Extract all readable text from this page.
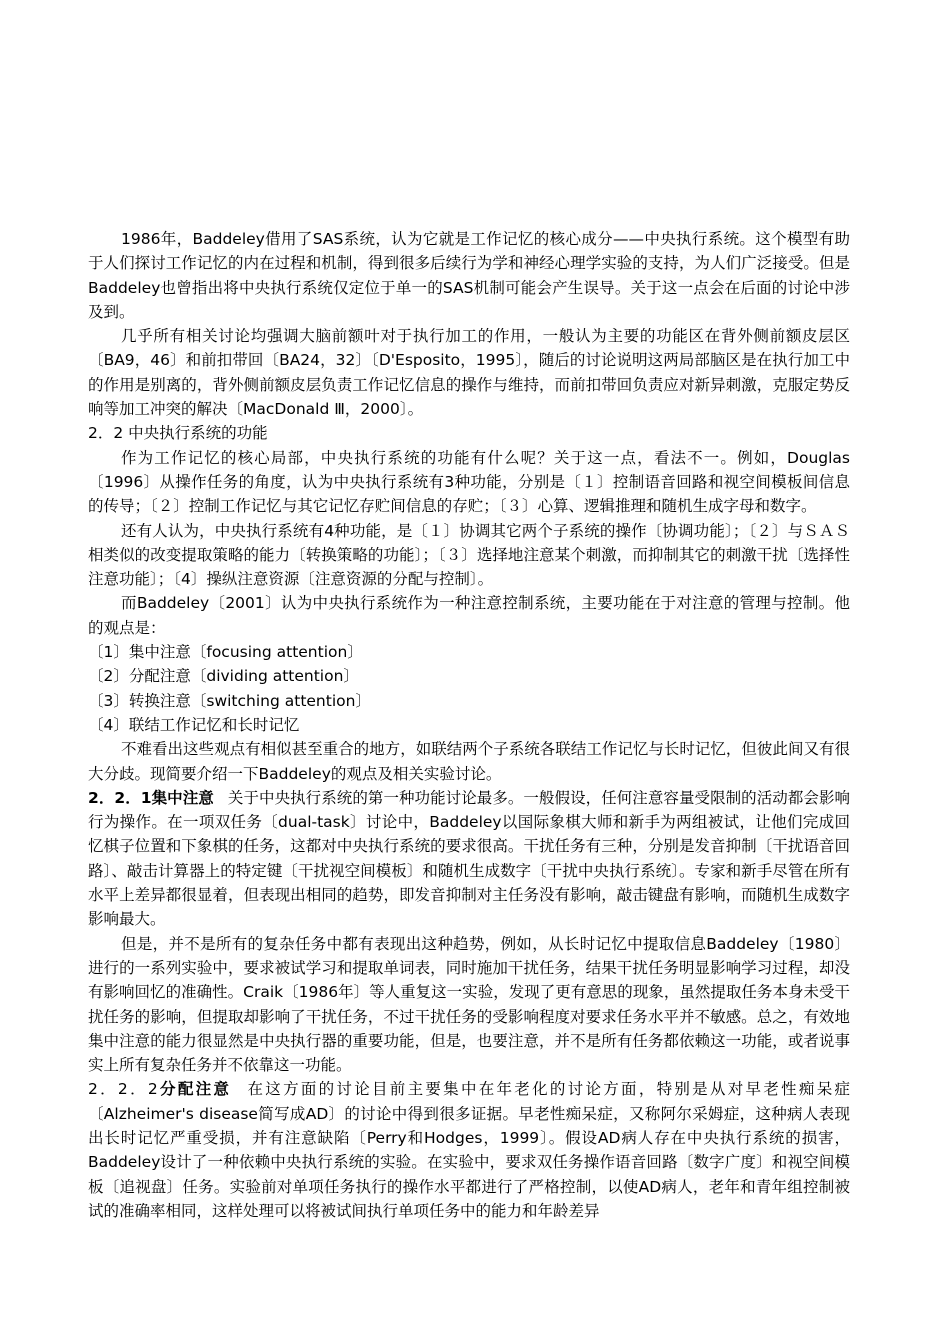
1986年，Baddeley借用了SAS系统，认为它就是工作记忆的核心成分——中央执行系统。这个模型有助于人们探讨工作记忆的内在过程和机制，得到很多后续行为学和神经心理学实验的支持，为人们广泛接受。但是Baddeley也曾指出将中央执行系统仅定位于单一的SAS机制可能会产生误导。关于这一点会在后面的讨论中涉及到。

几乎所有相关讨论均强调大脑前额叶对于执行加工的作用，一般认为主要的功能区在背外侧前额皮层区〔BA9，46〕和前扣带回〔BA24，32〕〔D'Esposito，1995〕，随后的讨论说明这两局部脑区是在执行加工中的作用是别离的，背外侧前额皮层负责工作记忆信息的操作与维持，而前扣带回负责应对新异刺激，克服定势反响等加工冲突的解决〔MacDonald Ⅲ，2000〕。

2．2 中央执行系统的功能

作为工作记忆的核心局部，中央执行系统的功能有什么呢？关于这一点，看法不一。例如，Douglas〔1996〕从操作任务的角度，认为中央执行系统有3种功能，分别是〔１〕控制语音回路和视空间模板间信息的传导；〔２〕控制工作记忆与其它记忆存贮间信息的存贮；〔３〕心算、逻辑推理和随机生成字母和数字。

还有人认为，中央执行系统有4种功能，是〔１〕协调其它两个子系统的操作〔协调功能〕；〔２〕与ＳＡＳ相类似的改变提取策略的能力〔转换策略的功能〕；〔３〕选择地注意某个刺激，而抑制其它的刺激干扰〔选择性注意功能〕；〔4〕操纵注意资源〔注意资源的分配与控制〕。

而Baddeley〔2001〕认为中央执行系统作为一种注意控制系统，主要功能在于对注意的管理与控制。他的观点是：

〔1〕集中注意〔focusing attention〕

〔2〕分配注意〔dividing attention〕

〔3〕转换注意〔switching attention〕

〔4〕联结工作记忆和长时记忆

不难看出这些观点有相似甚至重合的地方，如联结两个子系统各联结工作记忆与长时记忆，但彼此间又有很大分歧。现简要介绍一下Baddeley的观点及相关实验讨论。

2．2．1集中注意 关于中央执行系统的第一种功能讨论最多。一般假设，任何注意容量受限制的活动都会影响行为操作。在一项双任务〔dual-task〕讨论中，Baddeley以国际象棋大师和新手为两组被试，让他们完成回忆棋子位置和下象棋的任务，这都对中央执行系统的要求很高。干扰任务有三种，分别是发音抑制〔干扰语音回路〕、敲击计算器上的特定键〔干扰视空间模板〕和随机生成数字〔干扰中央执行系统〕。专家和新手尽管在所有水平上差异都很显着，但表现出相同的趋势，即发音抑制对主任务没有影响，敲击键盘有影响，而随机生成数字影响最大。

但是，并不是所有的复杂任务中都有表现出这种趋势，例如，从长时记忆中提取信息Baddeley〔1980〕进行的一系列实验中，要求被试学习和提取单词表，同时施加干扰任务，结果干扰任务明显影响学习过程，却没有影响回忆的准确性。Craik〔1986年〕等人重复这一实验，发现了更有意思的现象，虽然提取任务本身未受干扰任务的影响，但提取却影响了干扰任务，不过干扰任务的受影响程度对要求任务水平并不敏感。总之，有效地集中注意的能力很显然是中央执行器的重要功能，但是，也要注意，并不是所有任务都依赖这一功能，或者说事实上所有复杂任务并不依靠这一功能。

2．2．2分配注意 在这方面的讨论目前主要集中在年老化的讨论方面，特别是从对早老性痴呆症〔Alzheimer's disease简写成AD〕的讨论中得到很多证据。早老性痴呆症，又称阿尔采姆症，这种病人表现出长时记忆严重受损，并有注意缺陷〔Perry和Hodges，1999〕。假设AD病人存在中央执行系统的损害，Baddeley设计了一种依赖中央执行系统的实验。在实验中，要求双任务操作语音回路〔数字广度〕和视空间模板〔追视盘〕任务。实验前对单项任务执行的操作水平都进行了严格控制，以使AD病人，老年和青年组控制被试的准确率相同，这样处理可以将被试间执行单项任务中的能力和年龄差异
